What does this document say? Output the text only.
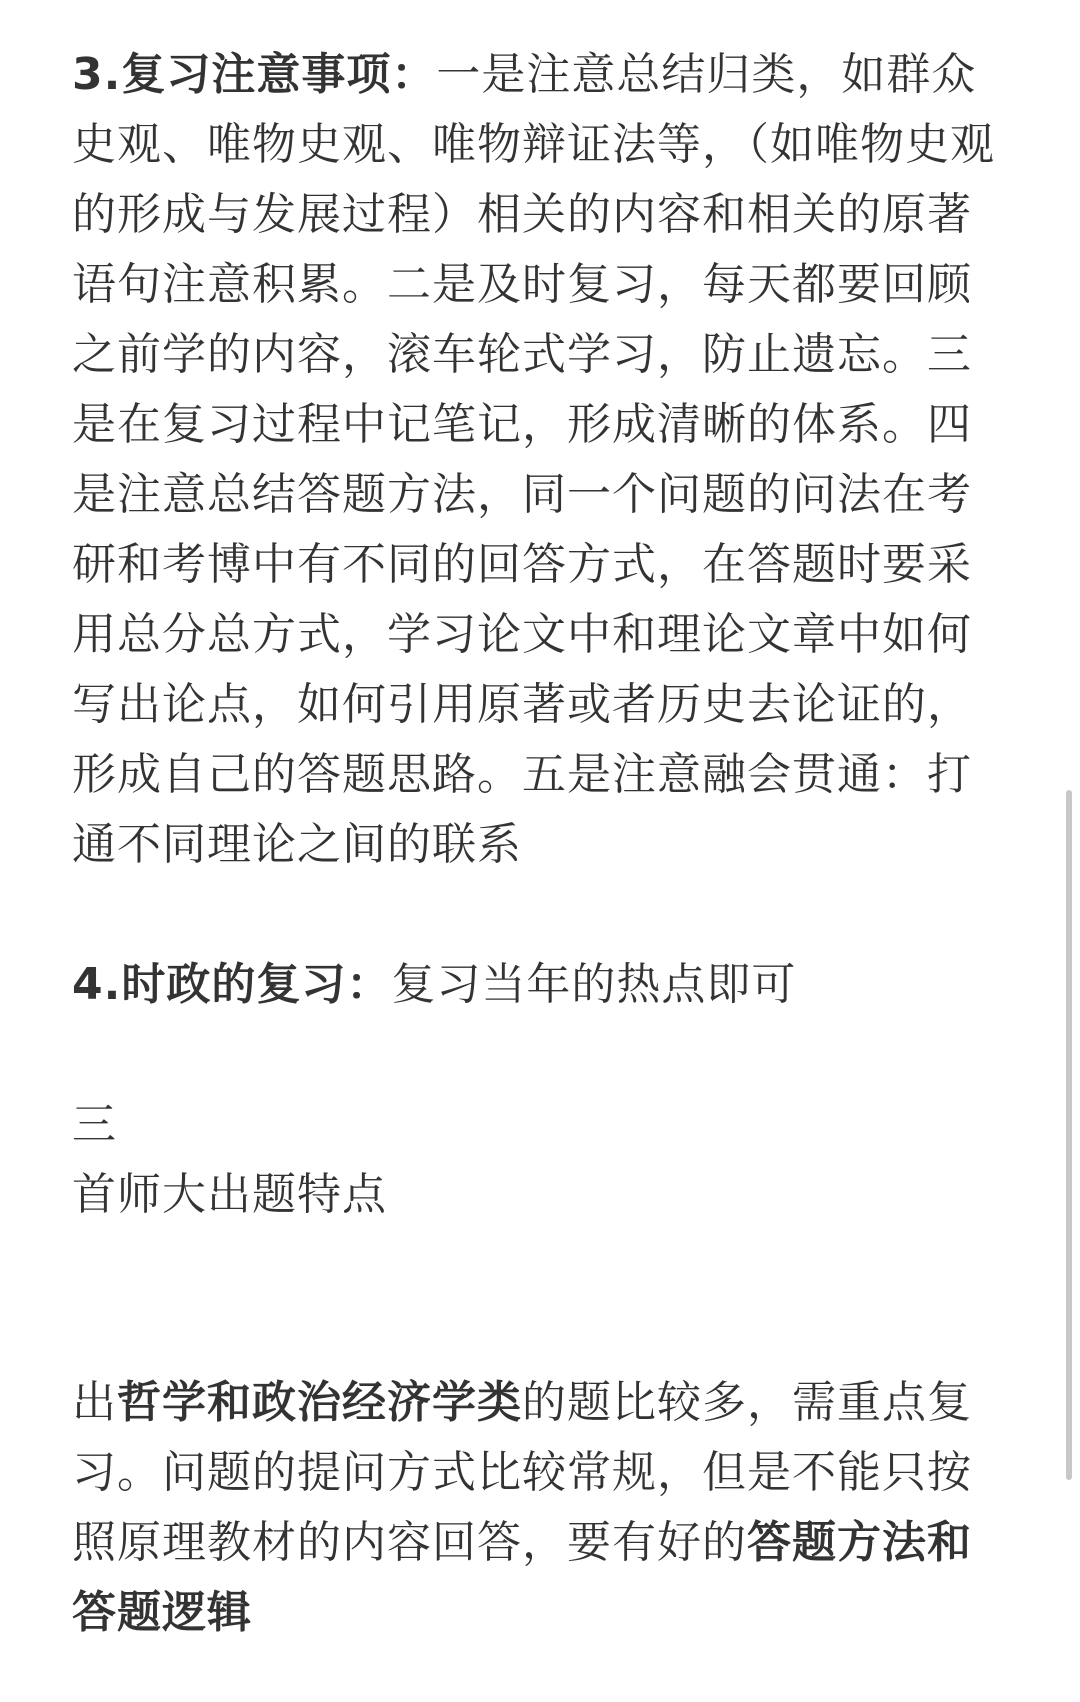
3.复习注意事项：一是注意总结归类，如群众史观、唯物史观、唯物辩证法等，（如唯物史观的形成与发展过程）相关的内容和相关的原著语句注意积累。二是及时复习，每天都要回顾之前学的内容，滚车轮式学习，防止遗忘。三是在复习过程中记笔记，形成清晰的体系。四是注意总结答题方法，同一个问题的问法在考研和考博中有不同的回答方式，在答题时要采用总分总方式，学习论文中和理论文章中如何写出论点，如何引用原著或者历史去论证的，形成自己的答题思路。五是注意融会贯通：打通不同理论之间的联系

4.时政的复习：复习当年的热点即可

三

首师大出题特点

出哲学和政治经济学类的题比较多，需重点复习。问题的提问方式比较常规，但是不能只按照原理教材的内容回答，要有好的答题方法和答题逻辑
